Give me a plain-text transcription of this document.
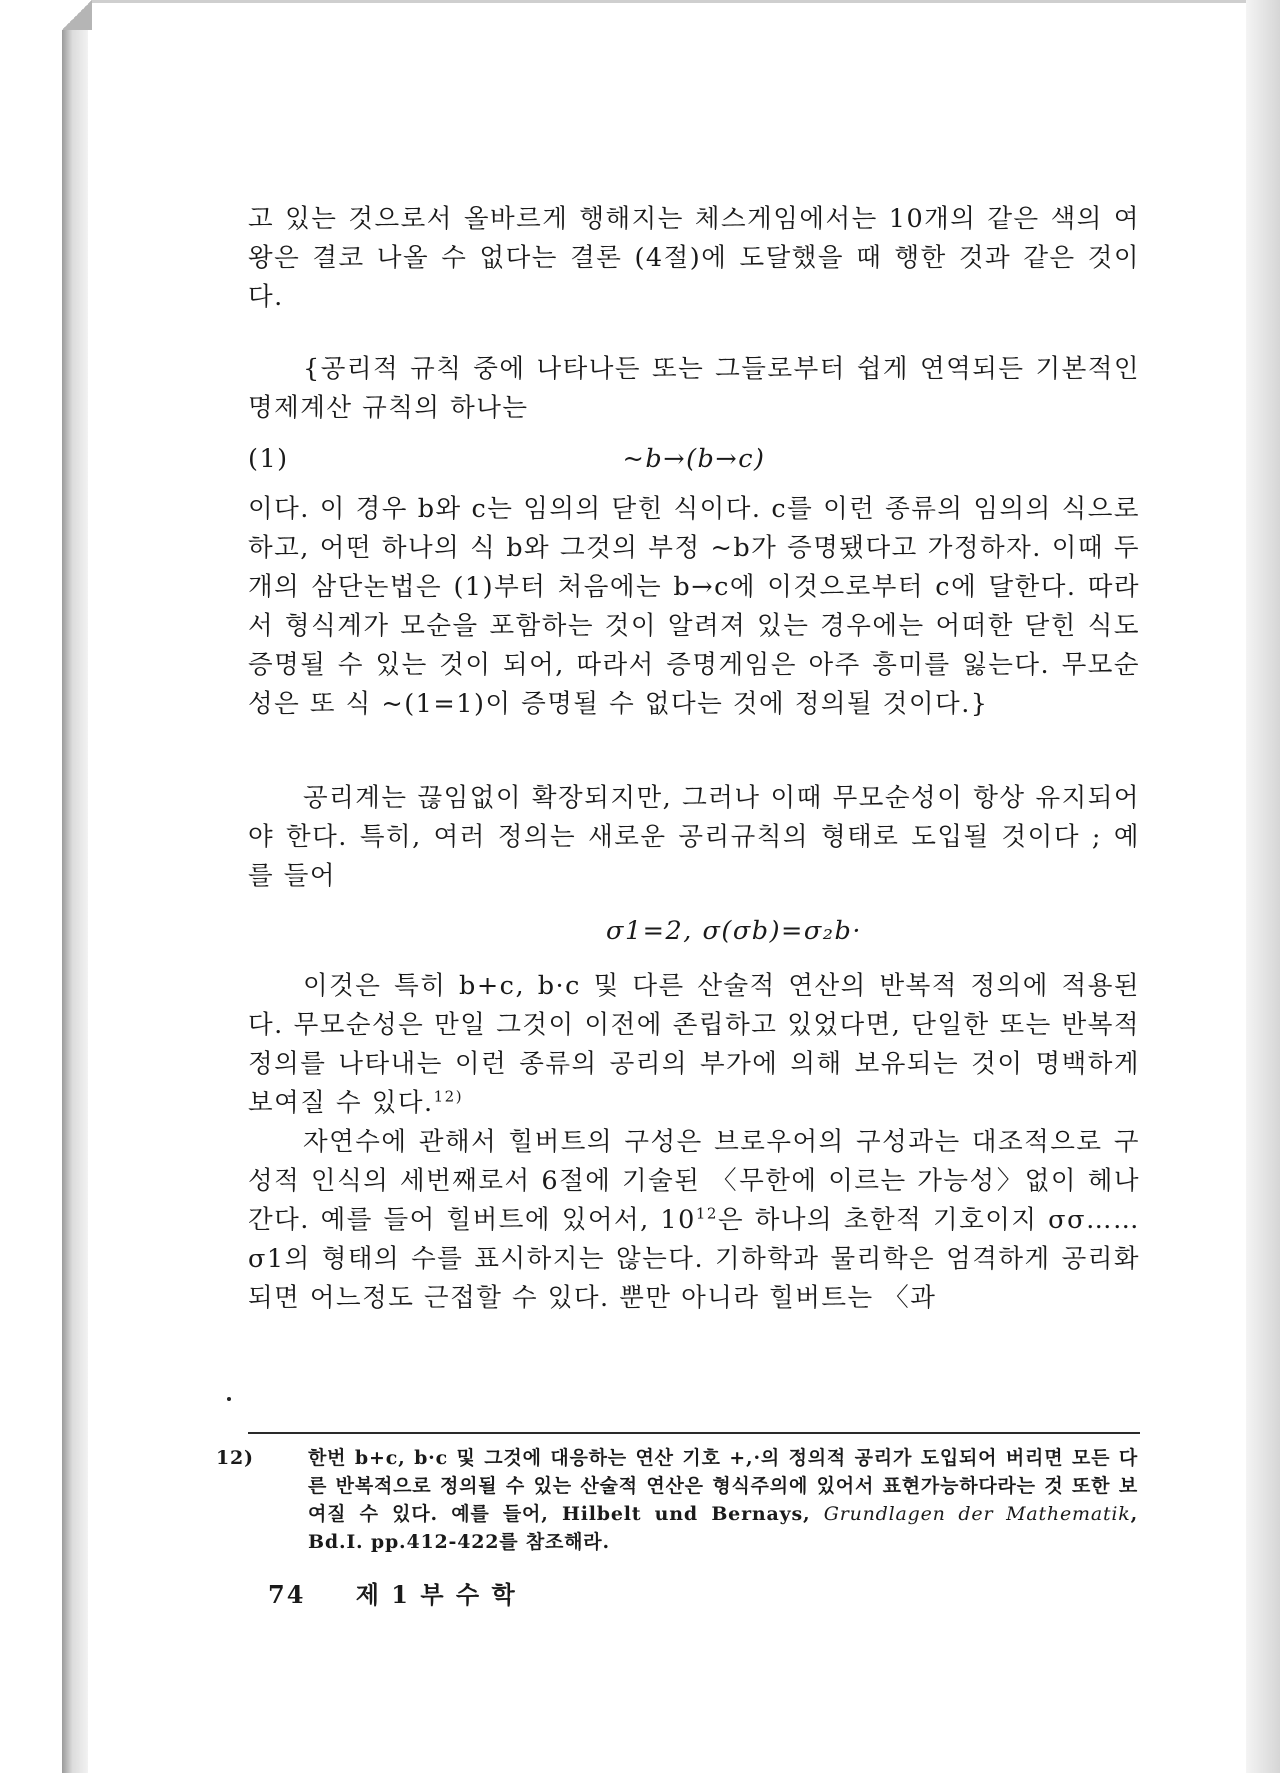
고 있는 것으로서 올바르게 행해지는 체스게임에서는 10개의 같은 색의 여왕은 결코 나올 수 없다는 결론 (4절)에 도달했을 때 행한 것과 같은 것이다.

{공리적 규칙 중에 나타나든 또는 그들로부터 쉽게 연역되든 기본적인 명제계산 규칙의 하나는

(1)	~b→(b→c)

이다. 이 경우 b와 c는 임의의 닫힌 식이다. c를 이런 종류의 임의의 식으로 하고, 어떤 하나의 식 b와 그것의 부정 ~b가 증명됐다고 가정하자. 이때 두 개의 삼단논법은 (1)부터 처음에는 b→c에 이것으로부터 c에 달한다. 따라서 형식계가 모순을 포함하는 것이 알려져 있는 경우에는 어떠한 닫힌 식도 증명될 수 있는 것이 되어, 따라서 증명게임은 아주 흥미를 잃는다. 무모순성은 또 식 ~(1=1)이 증명될 수 없다는 것에 정의될 것이다.}

공리계는 끊임없이 확장되지만, 그러나 이때 무모순성이 항상 유지되어야 한다. 특히, 여러 정의는 새로운 공리규칙의 형태로 도입될 것이다 ; 예를 들어

σ1=2, σ(σb)=σ₂b·

이것은 특히 b+c, b·c 및 다른 산술적 연산의 반복적 정의에 적용된다. 무모순성은 만일 그것이 이전에 존립하고 있었다면, 단일한 또는 반복적 정의를 나타내는 이런 종류의 공리의 부가에 의해 보유되는 것이 명백하게 보여질 수 있다.$^{12)}$

자연수에 관해서 힐버트의 구성은 브로우어의 구성과는 대조적으로 구성적 인식의 세번째로서 6절에 기술된 〈무한에 이르는 가능성〉없이 헤나간다. 예를 들어 힐버트에 있어서, $10^{12}$은 하나의 초한적 기호이지 σσ……σ1의 형태의 수를 표시하지는 않는다. 기하학과 물리학은 엄격하게 공리화되면 어느정도 근접할 수 있다. 뿐만 아니라 힐버트는 〈과

12)	한번 b+c, b·c 및 그것에 대응하는 연산 기호 +,·의 정의적 공리가 도입되어 버리면 모든 다른 반복적으로 정의될 수 있는 산술적 연산은 형식주의에 있어서 표현가능하다라는 것 또한 보여질 수 있다. 예를 들어, Hilbelt und Bernays, Grundlagen der Mathematik, Bd.I. pp.412-422를 참조해라.

74 제 1 부 수 학
